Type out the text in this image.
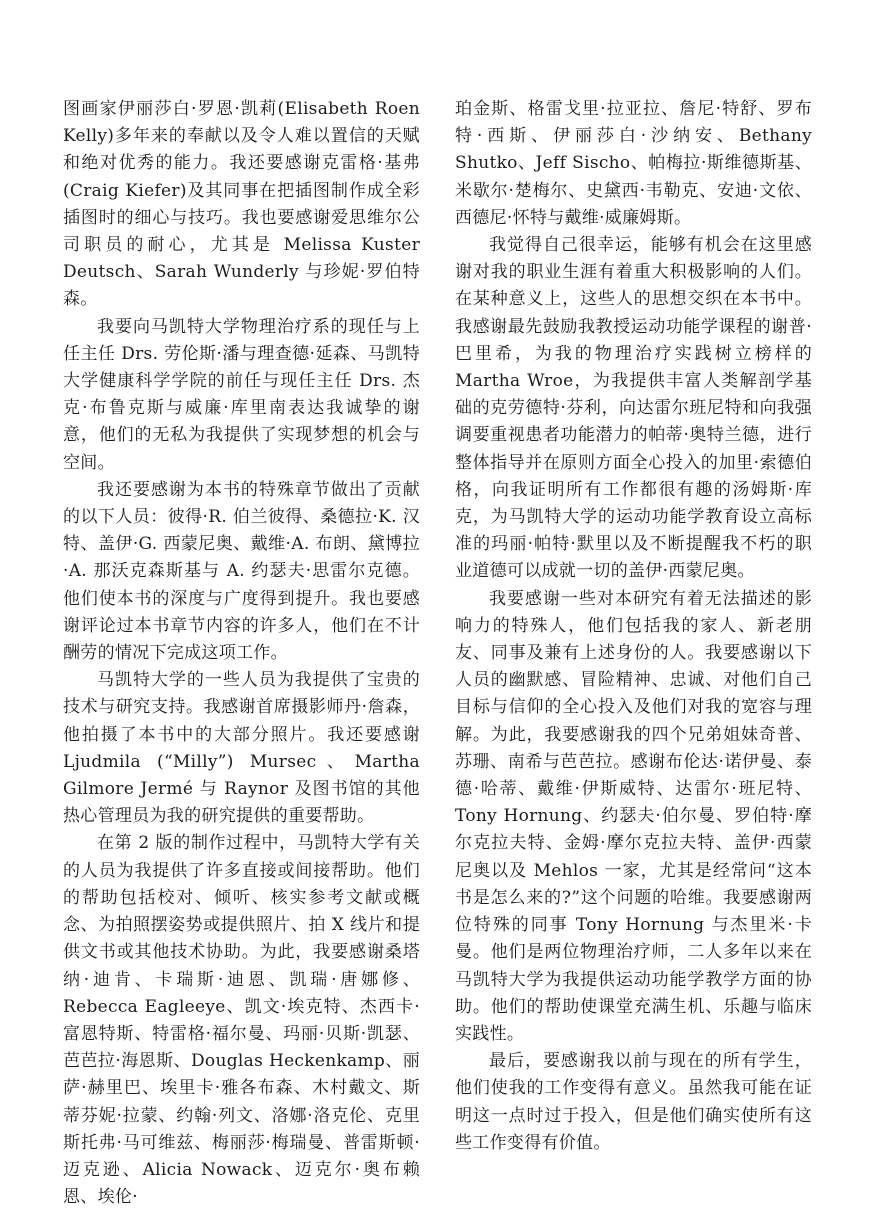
图画家伊丽莎白·罗恩·凯莉(Elisabeth Roen Kelly)多年来的奉献以及令人难以置信的天赋和绝对优秀的能力。我还要感谢克雷格·基弗(Craig Kiefer)及其同事在把插图制作成全彩插图时的细心与技巧。我也要感谢爱思维尔公司职员的耐心，尤其是 Melissa Kuster Deutsch、Sarah Wunderly 与珍妮·罗伯特森。

我要向马凯特大学物理治疗系的现任与上任主任 Drs. 劳伦斯·潘与理查德·延森、马凯特大学健康科学学院的前任与现任主任 Drs. 杰克·布鲁克斯与威廉·库里南表达我诚挚的谢意，他们的无私为我提供了实现梦想的机会与空间。

我还要感谢为本书的特殊章节做出了贡献的以下人员：彼得·R. 伯兰彼得、桑德拉·K. 汉特、盖伊·G. 西蒙尼奥、戴维·A. 布朗、黛博拉·A. 那沃克森斯基与 A. 约瑟夫·思雷尔克德。他们使本书的深度与广度得到提升。我也要感谢评论过本书章节内容的许多人，他们在不计酬劳的情况下完成这项工作。

马凯特大学的一些人员为我提供了宝贵的技术与研究支持。我感谢首席摄影师丹·詹森，他拍摄了本书中的大部分照片。我还要感谢 Ljudmila (“Milly”) Mursec、Martha Gilmore Jermé 与 Raynor 及图书馆的其他热心管理员为我的研究提供的重要帮助。

在第 2 版的制作过程中，马凯特大学有关的人员为我提供了许多直接或间接帮助。他们的帮助包括校对、倾听、核实参考文献或概念、为拍照摆姿势或提供照片、拍 X 线片和提供文书或其他技术协助。为此，我要感谢桑塔纳·迪肯、卡瑞斯·迪恩、凯瑞·唐娜修、Rebecca Eagleeye、凯文·埃克特、杰西卡·富恩特斯、特雷格·福尔曼、玛丽·贝斯·凯瑟、芭芭拉·海恩斯、Douglas Heckenkamp、丽萨·赫里巴、埃里卡·雅各布森、木村戴文、斯蒂芬妮·拉蒙、约翰·列文、洛娜·洛克伦、克里斯托弗·马可维兹、梅丽莎·梅瑞曼、普雷斯顿·迈克逊、Alicia Nowack、迈克尔·奥布赖恩、埃伦·

珀金斯、格雷戈里·拉亚拉、詹尼·特舒、罗布特·西斯、伊丽莎白·沙纳安、Bethany Shutko、Jeff Sischo、帕梅拉·斯维德斯基、米歇尔·楚梅尔、史黛西·韦勒克、安迪·文依、西德尼·怀特与戴维·威廉姆斯。

我觉得自己很幸运，能够有机会在这里感谢对我的职业生涯有着重大积极影响的人们。在某种意义上，这些人的思想交织在本书中。我感谢最先鼓励我教授运动功能学课程的谢普·巴里希，为我的物理治疗实践树立榜样的 Martha Wroe，为我提供丰富人类解剖学基础的克劳德特·芬利，向达雷尔班尼特和向我强调要重视患者功能潜力的帕蒂·奥特兰德，进行整体指导并在原则方面全心投入的加里·索德伯格，向我证明所有工作都很有趣的汤姆斯·库克，为马凯特大学的运动功能学教育设立高标准的玛丽·帕特·默里以及不断提醒我不朽的职业道德可以成就一切的盖伊·西蒙尼奥。

我要感谢一些对本研究有着无法描述的影响力的特殊人，他们包括我的家人、新老朋友、同事及兼有上述身份的人。我要感谢以下人员的幽默感、冒险精神、忠诚、对他们自己目标与信仰的全心投入及他们对我的宽容与理解。为此，我要感谢我的四个兄弟姐妹奇普、苏珊、南希与芭芭拉。感谢布伦达·诺伊曼、泰德·哈蒂、戴维·伊斯威特、达雷尔·班尼特、Tony Hornung、约瑟夫·伯尔曼、罗伯特·摩尔克拉夫特、金姆·摩尔克拉夫特、盖伊·西蒙尼奥以及 Mehlos 一家，尤其是经常问“这本书是怎么来的?”这个问题的哈维。我要感谢两位特殊的同事 Tony Hornung 与杰里米·卡曼。他们是两位物理治疗师，二人多年以来在马凯特大学为我提供运动功能学教学方面的协助。他们的帮助使课堂充满生机、乐趣与临床实践性。

最后，要感谢我以前与现在的所有学生，他们使我的工作变得有意义。虽然我可能在证明这一点时过于投入，但是他们确实使所有这些工作变得有价值。
